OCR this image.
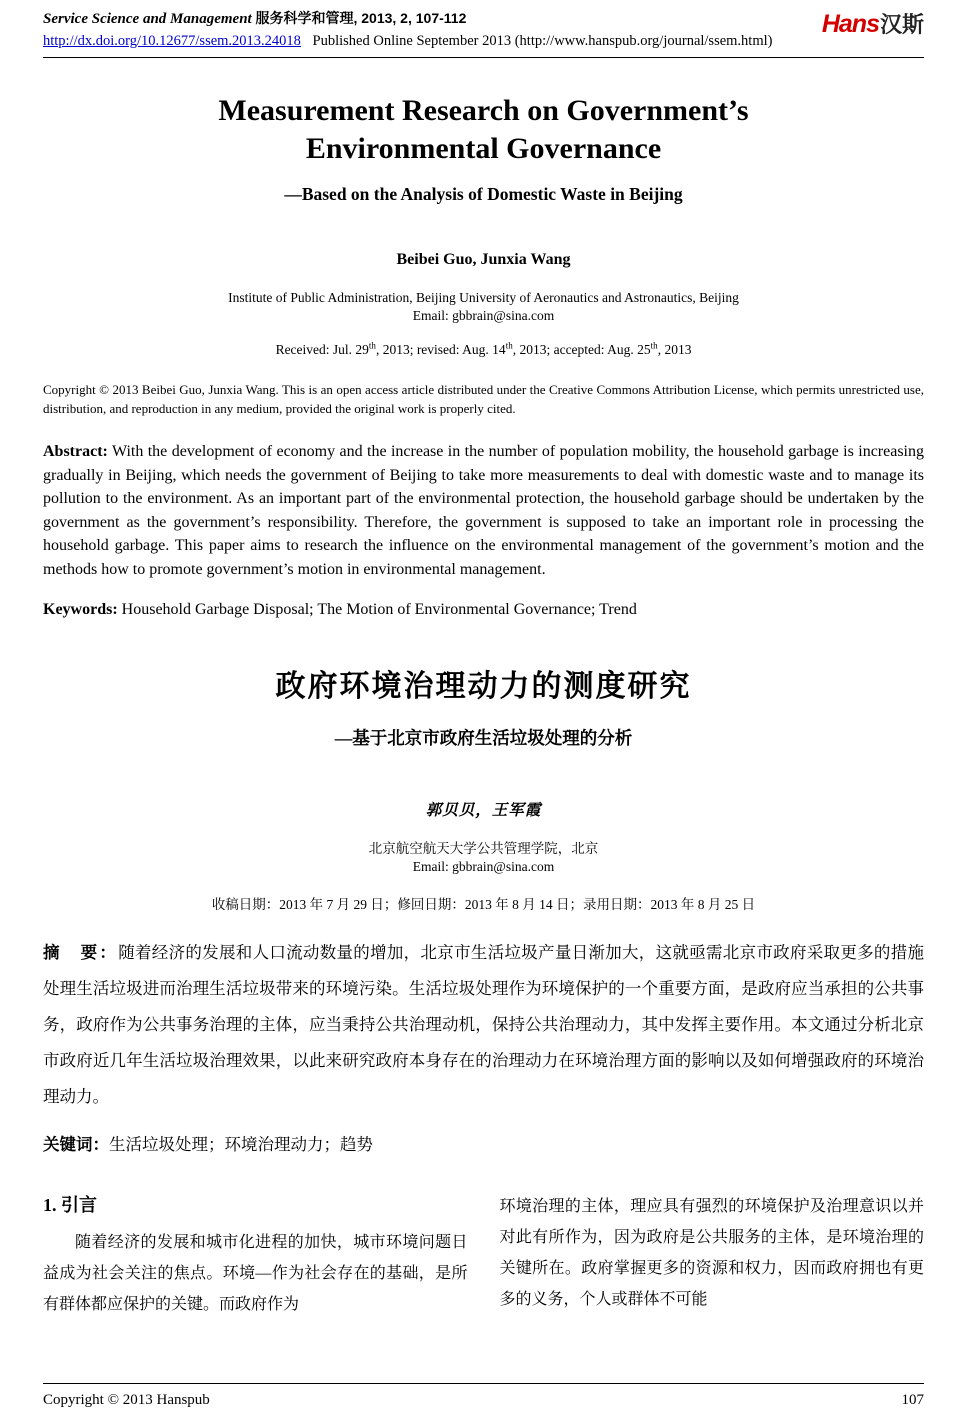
Service Science and Management 服务科学和管理, 2013, 2, 107-112
http://dx.doi.org/10.12677/ssem.2013.24018 Published Online September 2013 (http://www.hanspub.org/journal/ssem.html)
Hans汉斯
Measurement Research on Government’s
Environmental Governance
—Based on the Analysis of Domestic Waste in Beijing
Beibei Guo, Junxia Wang
Institute of Public Administration, Beijing University of Aeronautics and Astronautics, Beijing
Email: gbbrain@sina.com
Received: Jul. 29th, 2013; revised: Aug. 14th, 2013; accepted: Aug. 25th, 2013
Copyright © 2013 Beibei Guo, Junxia Wang. This is an open access article distributed under the Creative Commons Attribution License, which permits unrestricted use, distribution, and reproduction in any medium, provided the original work is properly cited.
Abstract: With the development of economy and the increase in the number of population mobility, the household garbage is increasing gradually in Beijing, which needs the government of Beijing to take more measurements to deal with domestic waste and to manage its pollution to the environment. As an important part of the environmental protection, the household garbage should be undertaken by the government as the government’s responsibility. Therefore, the government is supposed to take an important role in processing the household garbage. This paper aims to research the influence on the environmental management of the government’s motion and the methods how to promote government’s motion in environmental management.
Keywords: Household Garbage Disposal; The Motion of Environmental Governance; Trend
政府环境治理动力的测度研究
—基于北京市政府生活垃圾处理的分析
郭贝贝，王军霞
北京航空航天大学公共管理学院，北京
Email: gbbrain@sina.com
收稿日期：2013 年 7 月 29 日；修回日期：2013 年 8 月 14 日；录用日期：2013 年 8 月 25 日
摘　要：随着经济的发展和人口流动数量的增加，北京市生活垃圾产量日渐加大，这就亟需北京市政府采取更多的措施处理生活垃圾进而治理生活垃圾带来的环境污染。生活垃圾处理作为环境保护的一个重要方面，是政府应当承担的公共事务，政府作为公共事务治理的主体，应当秉持公共治理动机，保持公共治理动力，其中发挥主要作用。本文通过分析北京市政府近几年生活垃圾治理效果，以此来研究政府本身存在的治理动力在环境治理方面的影响以及如何增强政府的环境治理动力。
关键词：生活垃圾处理；环境治理动力；趋势
1. 引言

随着经济的发展和城市化进程的加快，城市环境问题日益成为社会关注的焦点。环境—作为社会存在的基础，是所有群体都应保护的关键。而政府作为

环境治理的主体，理应具有强烈的环境保护及治理意识以并对此有所作为，因为政府是公共服务的主体，是环境治理的关键所在。政府掌握更多的资源和权力，因而政府拥也有更多的义务，个人或群体不可能

Copyright © 2013 Hanspub	107
